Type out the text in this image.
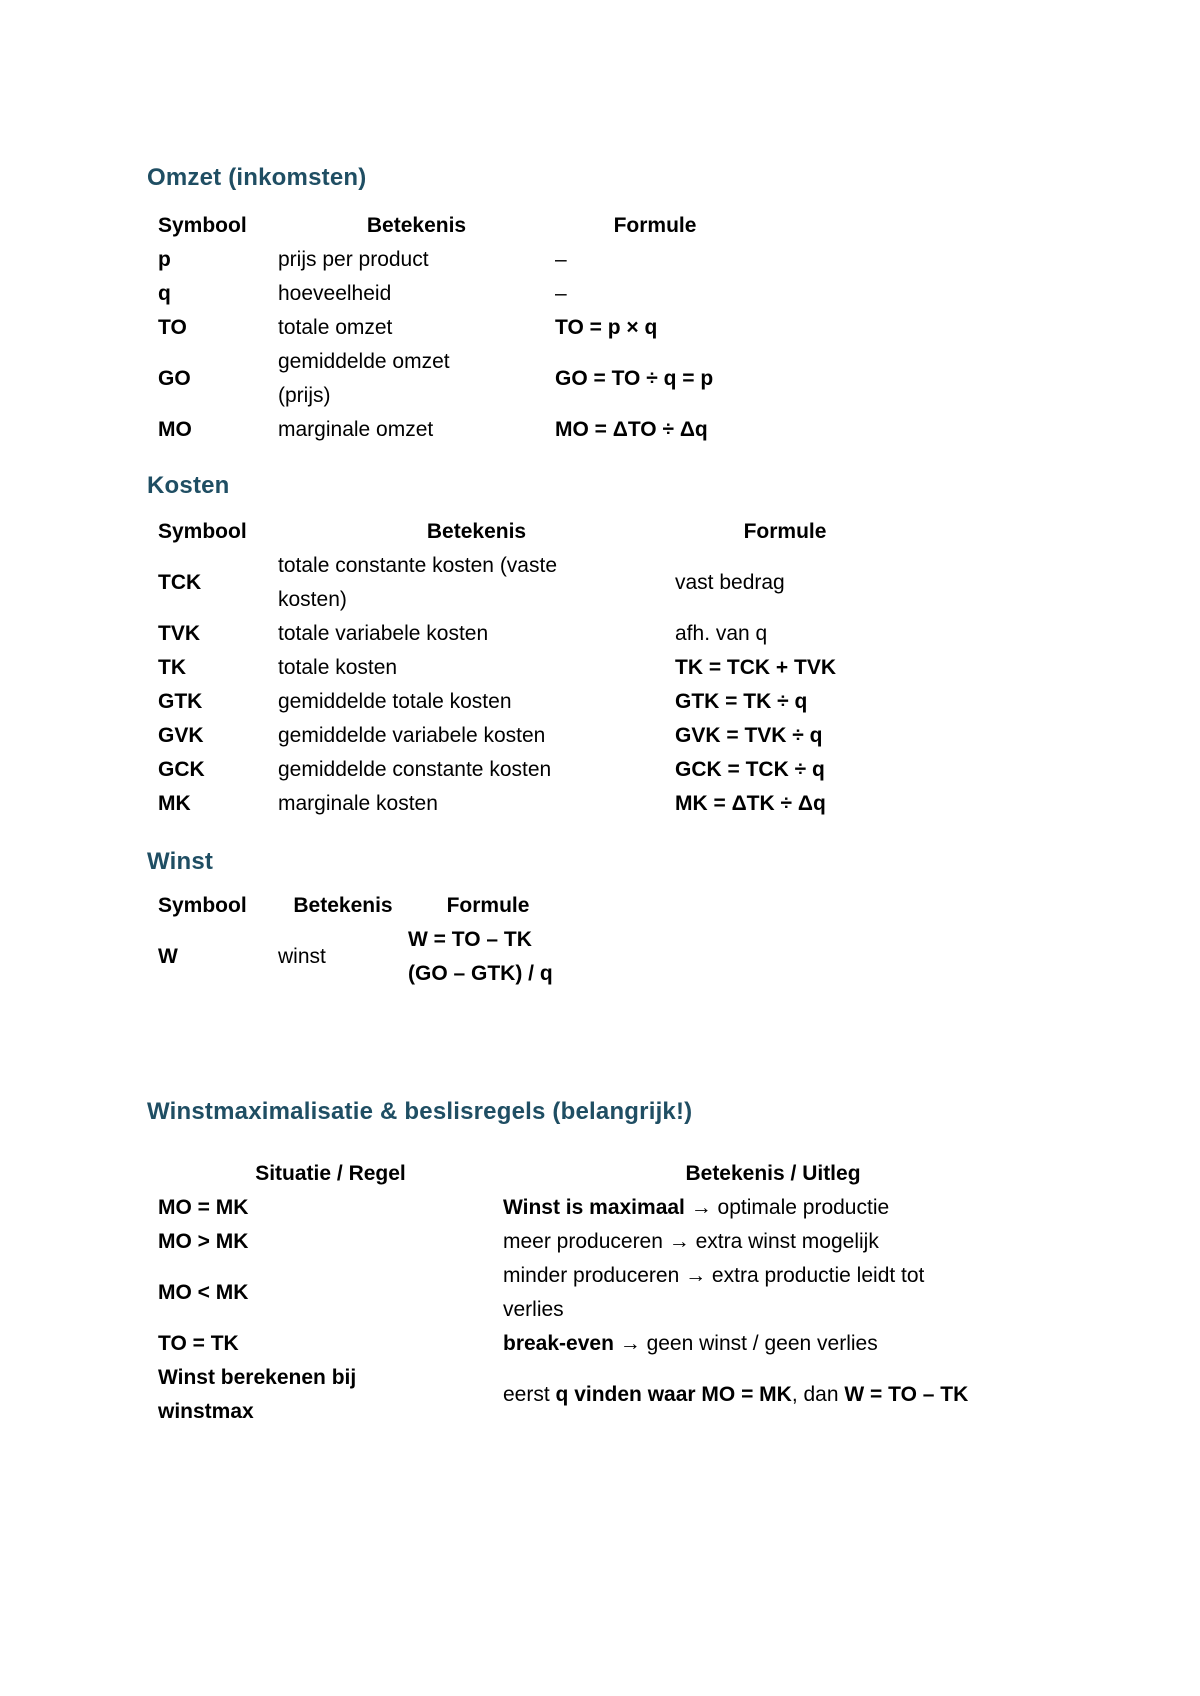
Omzet (inkomsten)
Symbool	Betekenis	Formule
p	prijs per product	–
q	hoeveelheid	–
TO	totale omzet	TO = p × q
GO	gemiddelde omzet (prijs)	GO = TO ÷ q = p
MO	marginale omzet	MO = ΔTO ÷ Δq
Kosten
Symbool	Betekenis	Formule
TCK	totale constante kosten (vaste kosten)	vast bedrag
TVK	totale variabele kosten	afh. van q
TK	totale kosten	TK = TCK + TVK
GTK	gemiddelde totale kosten	GTK = TK ÷ q
GVK	gemiddelde variabele kosten	GVK = TVK ÷ q
GCK	gemiddelde constante kosten	GCK = TCK ÷ q
MK	marginale kosten	MK = ΔTK ÷ Δq
Winst
Symbool	Betekenis	Formule
W	winst	W = TO – TK
(GO – GTK) / q
Winstmaximalisatie & beslisregels (belangrijk!)
Situatie / Regel	Betekenis / Uitleg

MO = MK	Winst is maximaal → optimale productie

MO > MK	meer produceren → extra winst mogelijk

MO < MK	minder produceren → extra productie leidt tot verlies

TO = TK	break-even → geen winst / geen verlies

Winst berekenen bij winstmax	eerst q vinden waar MO = MK, dan W = TO – TK
